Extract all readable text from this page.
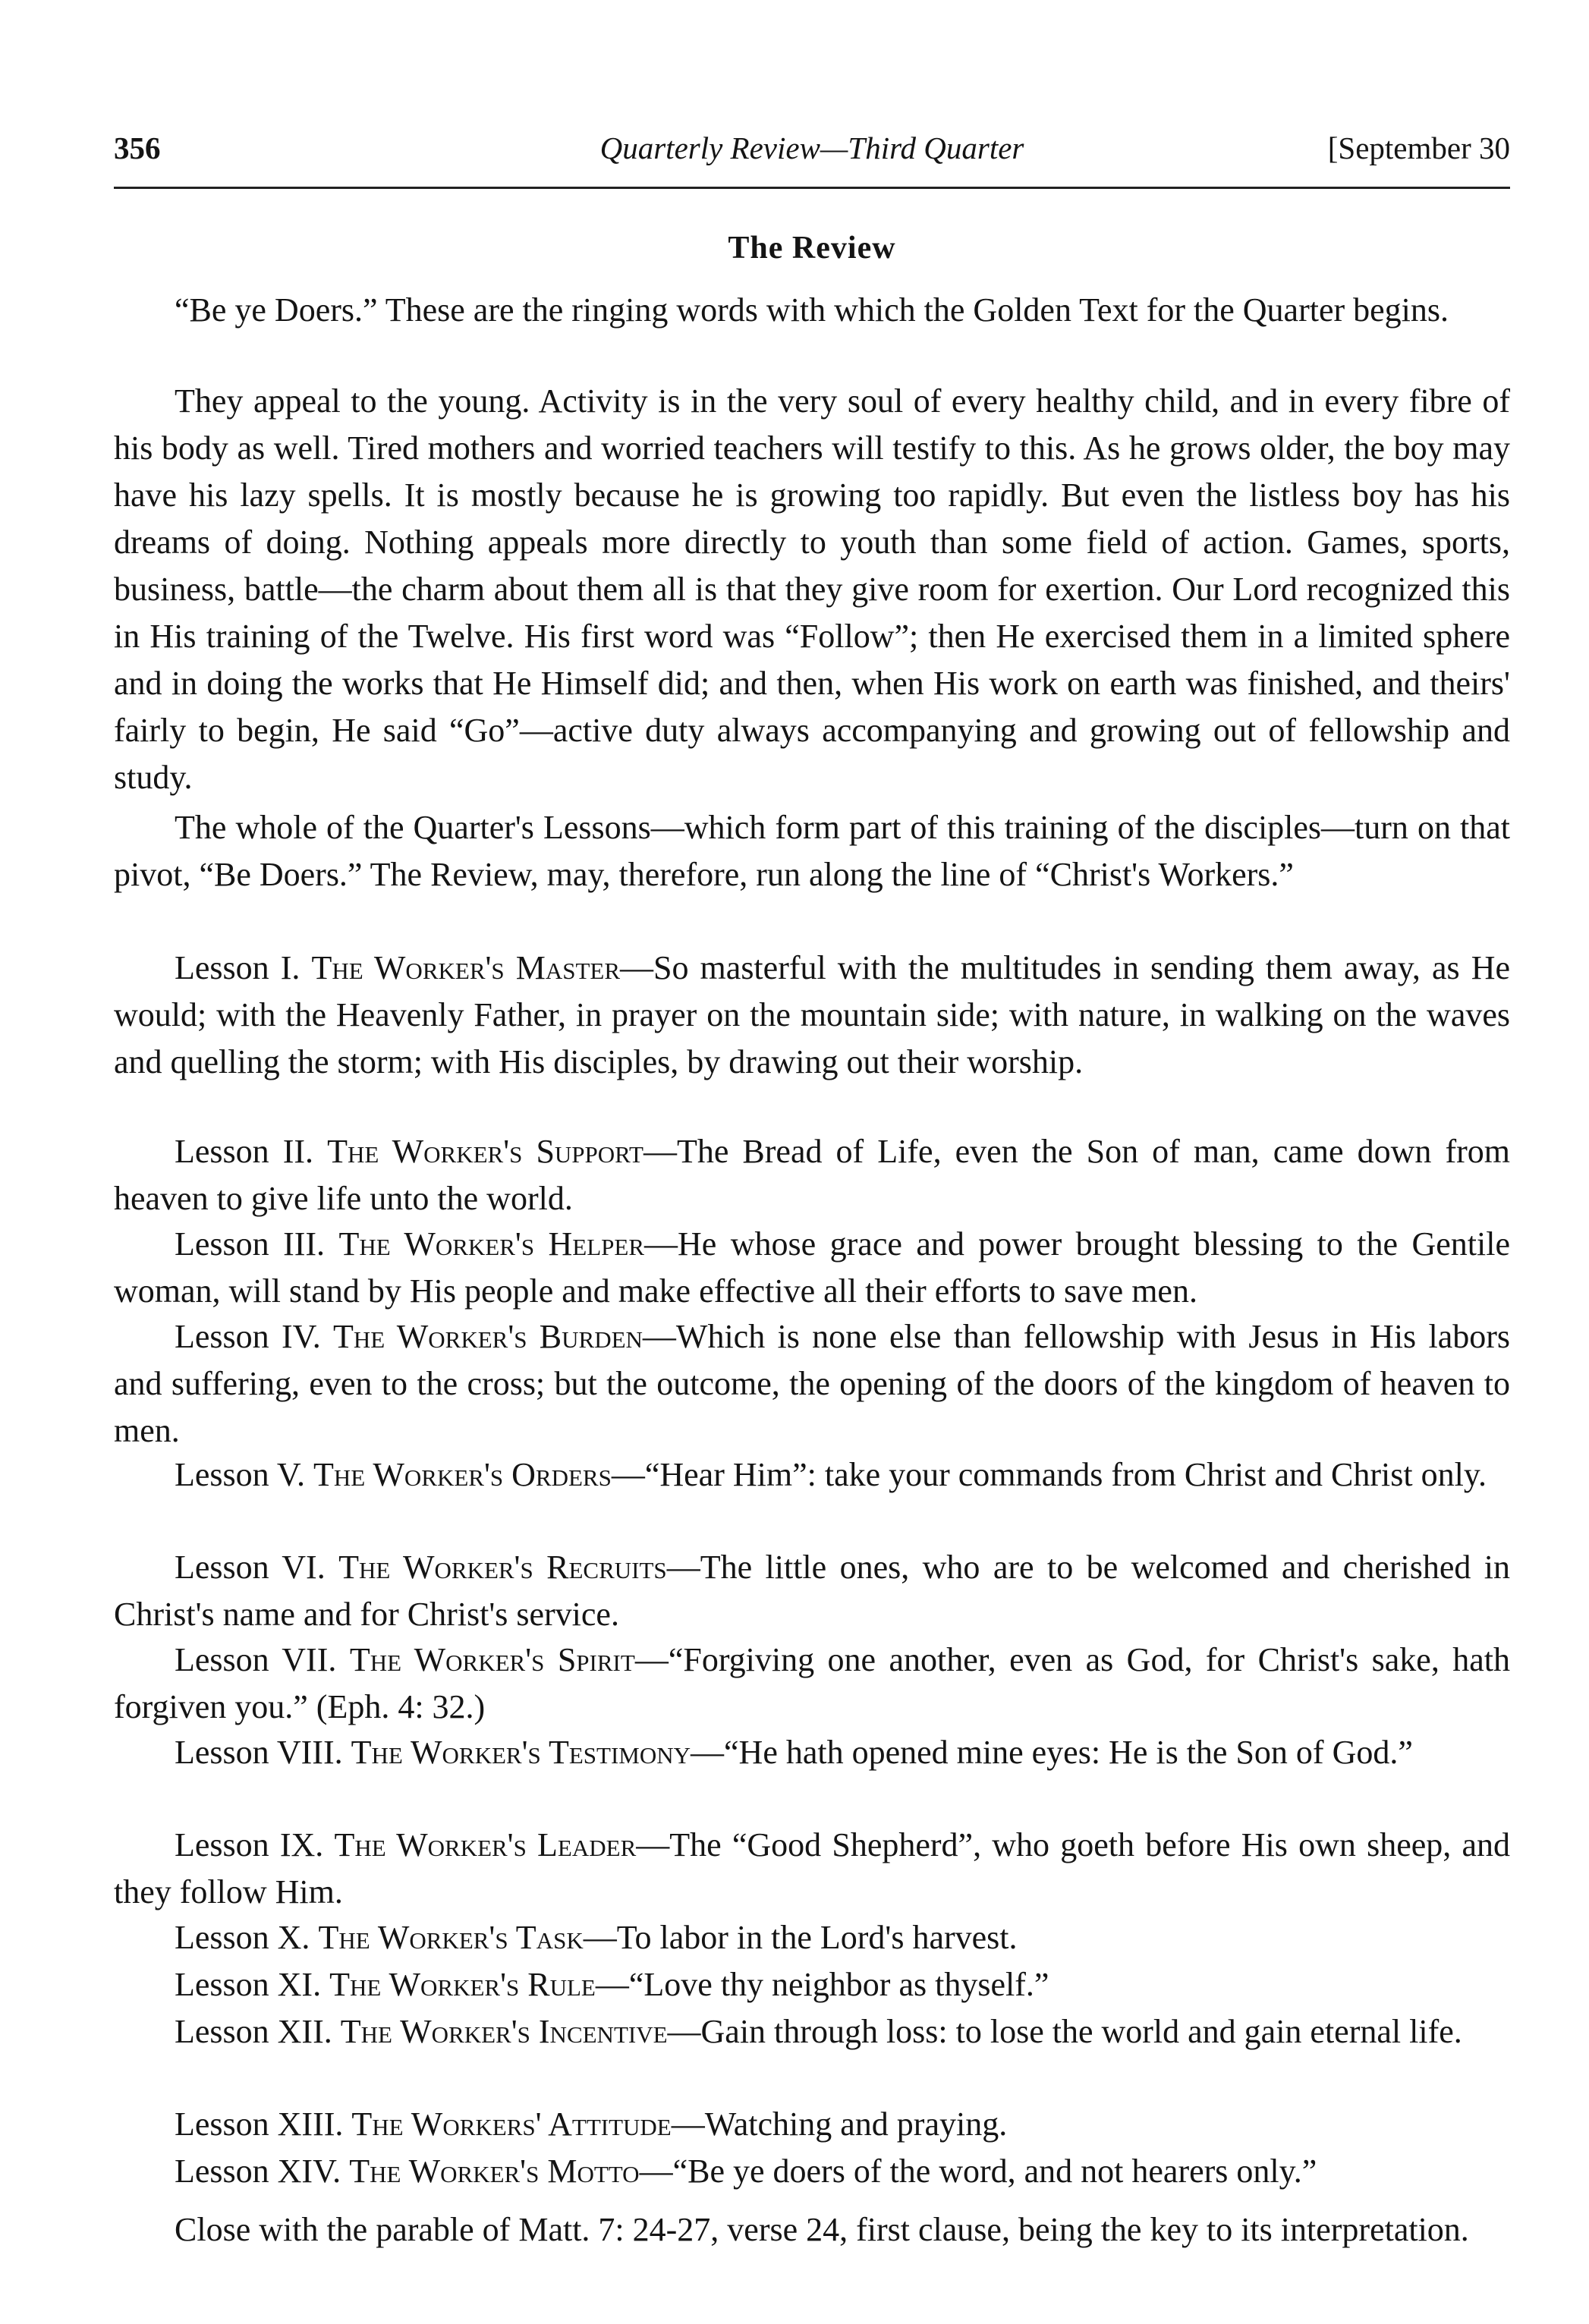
356	Quarterly Review—Third Quarter	[September 30
The Review

“Be ye Doers.” These are the ringing words with which the Golden Text for the Quarter begins.

They appeal to the young. Activity is in the very soul of every healthy child, and in every fibre of his body as well. Tired mothers and worried teachers will testify to this. As he grows older, the boy may have his lazy spells. It is mostly because he is growing too rapidly. But even the listless boy has his dreams of doing. Nothing appeals more directly to youth than some field of action. Games, sports, business, battle—the charm about them all is that they give room for exertion. Our Lord recognized this in His training of the Twelve. His first word was “Follow”; then He exercised them in a limited sphere and in doing the works that He Himself did; and then, when His work on earth was finished, and theirs' fairly to begin, He said “Go”—active duty always accompanying and growing out of fellowship and study.

The whole of the Quarter's Lessons—which form part of this training of the disciples—turn on that pivot, “Be Doers.” The Review, may, therefore, run along the line of “Christ's Workers.”

Lesson I. The Worker's Master—So masterful with the multitudes in sending them away, as He would; with the Heavenly Father, in prayer on the mountain side; with nature, in walking on the waves and quelling the storm; with His disciples, by drawing out their worship.

Lesson II. The Worker's Support—The Bread of Life, even the Son of man, came down from heaven to give life unto the world.

Lesson III. The Worker's Helper—He whose grace and power brought blessing to the Gentile woman, will stand by His people and make effective all their efforts to save men.

Lesson IV. The Worker's Burden—Which is none else than fellowship with Jesus in His labors and suffering, even to the cross; but the outcome, the opening of the doors of the kingdom of heaven to men.

Lesson V. The Worker's Orders—“Hear Him”: take your commands from Christ and Christ only.

Lesson VI. The Worker's Recruits—The little ones, who are to be welcomed and cherished in Christ's name and for Christ's service.

Lesson VII. The Worker's Spirit—“Forgiving one another, even as God, for Christ's sake, hath forgiven you.” (Eph. 4: 32.)

Lesson VIII. The Worker's Testimony—“He hath opened mine eyes: He is the Son of God.”

Lesson IX. The Worker's Leader—The “Good Shepherd”, who goeth before His own sheep, and they follow Him.

Lesson X. The Worker's Task—To labor in the Lord's harvest.

Lesson XI. The Worker's Rule—“Love thy neighbor as thyself.”

Lesson XII. The Worker's Incentive—Gain through loss: to lose the world and gain eternal life.

Lesson XIII. The Workers' Attitude—Watching and praying.

Lesson XIV. The Worker's Motto—“Be ye doers of the word, and not hearers only.”

Close with the parable of Matt. 7: 24-27, verse 24, first clause, being the key to its interpretation.
